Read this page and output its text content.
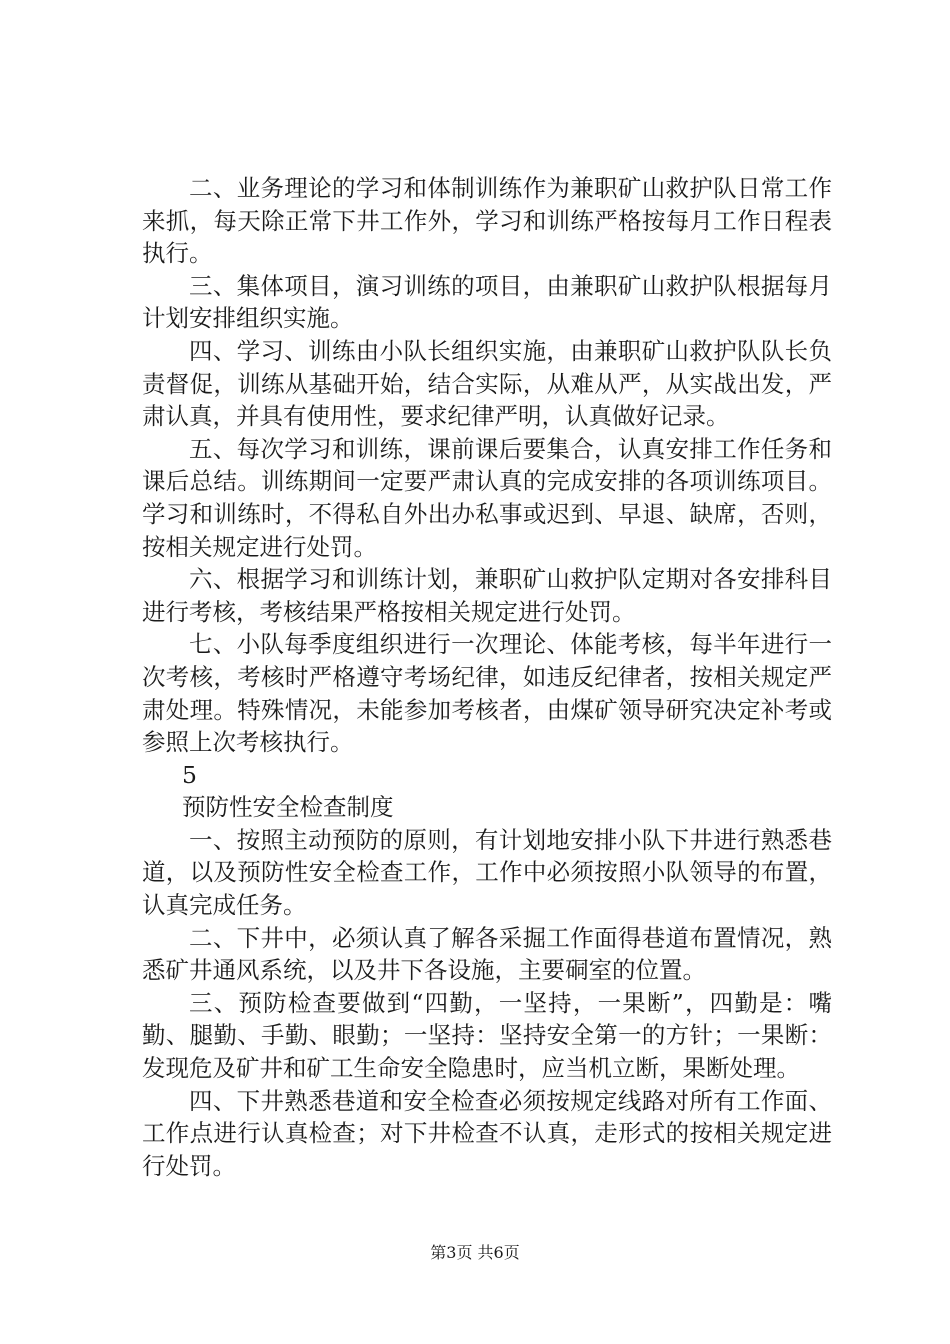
二、业务理论的学习和体制训练作为兼职矿山救护队日常工作来抓，每天除正常下井工作外，学习和训练严格按每月工作日程表执行。

三、集体项目，演习训练的项目，由兼职矿山救护队根据每月计划安排组织实施。

四、学习、训练由小队长组织实施，由兼职矿山救护队队长负责督促，训练从基础开始，结合实际，从难从严，从实战出发，严肃认真，并具有使用性，要求纪律严明，认真做好记录。

五、每次学习和训练，课前课后要集合，认真安排工作任务和课后总结。训练期间一定要严肃认真的完成安排的各项训练项目。学习和训练时，不得私自外出办私事或迟到、早退、缺席，否则，按相关规定进行处罚。

六、根据学习和训练计划，兼职矿山救护队定期对各安排科目进行考核，考核结果严格按相关规定进行处罚。

七、小队每季度组织进行一次理论、体能考核，每半年进行一次考核，考核时严格遵守考场纪律，如违反纪律者，按相关规定严肃处理。特殊情况，未能参加考核者，由煤矿领导研究决定补考或参照上次考核执行。

5

预防性安全检查制度

一、按照主动预防的原则，有计划地安排小队下井进行熟悉巷道，以及预防性安全检查工作，工作中必须按照小队领导的布置，认真完成任务。

二、下井中，必须认真了解各采掘工作面得巷道布置情况，熟悉矿井通风系统，以及井下各设施，主要硐室的位置。

三、预防检查要做到“四勤，一坚持，一果断”，四勤是：嘴勤、腿勤、手勤、眼勤；一坚持：坚持安全第一的方针；一果断：发现危及矿井和矿工生命安全隐患时，应当机立断，果断处理。

四、下井熟悉巷道和安全检查必须按规定线路对所有工作面、工作点进行认真检查；对下井检查不认真，走形式的按相关规定进行处罚。

第3页 共6页
